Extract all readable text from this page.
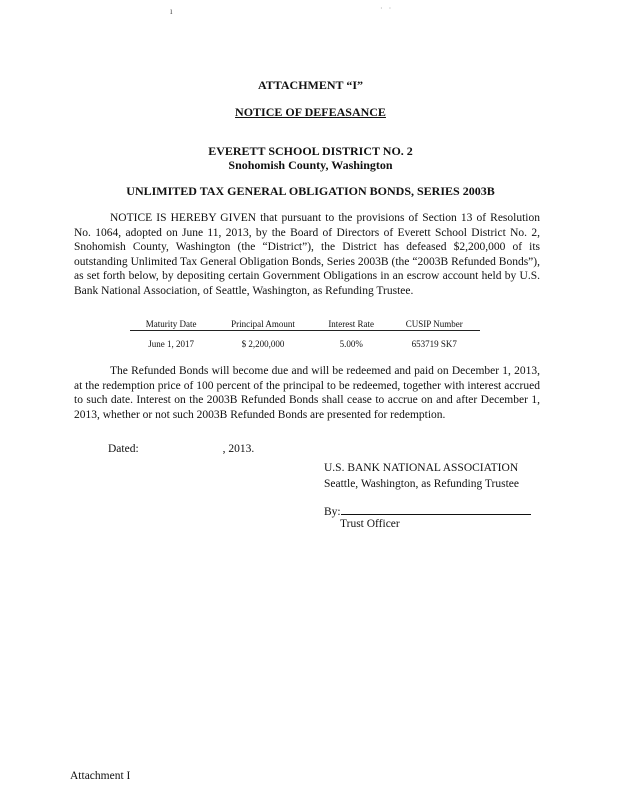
ı	· ·
ATTACHMENT “I”
NOTICE OF DEFEASANCE
EVERETT SCHOOL DISTRICT NO. 2
Snohomish County, Washington
UNLIMITED TAX GENERAL OBLIGATION BONDS, SERIES 2003B
NOTICE IS HEREBY GIVEN that pursuant to the provisions of Section 13 of Resolution No. 1064, adopted on June 11, 2013, by the Board of Directors of Everett School District No. 2, Snohomish County, Washington (the “District”), the District has defeased $2,200,000 of its outstanding Unlimited Tax General Obligation Bonds, Series 2003B (the “2003B Refunded Bonds”), as set forth below, by depositing certain Government Obligations in an escrow account held by U.S. Bank National Association, of Seattle, Washington, as Refunding Trustee.
Maturity Date	Principal Amount	Interest Rate	CUSIP Number
June 1, 2017	$ 2,200,000	5.00%	653719 SK7
The Refunded Bonds will become due and will be redeemed and paid on December 1, 2013, at the redemption price of 100 percent of the principal to be redeemed, together with interest accrued to such date. Interest on the 2003B Refunded Bonds shall cease to accrue on and after December 1, 2013, whether or not such 2003B Refunded Bonds are presented for redemption.
Dated:	, 2013.
U.S. BANK NATIONAL ASSOCIATION
Seattle, Washington, as Refunding Trustee
By:
Trust Officer
Attachment I
